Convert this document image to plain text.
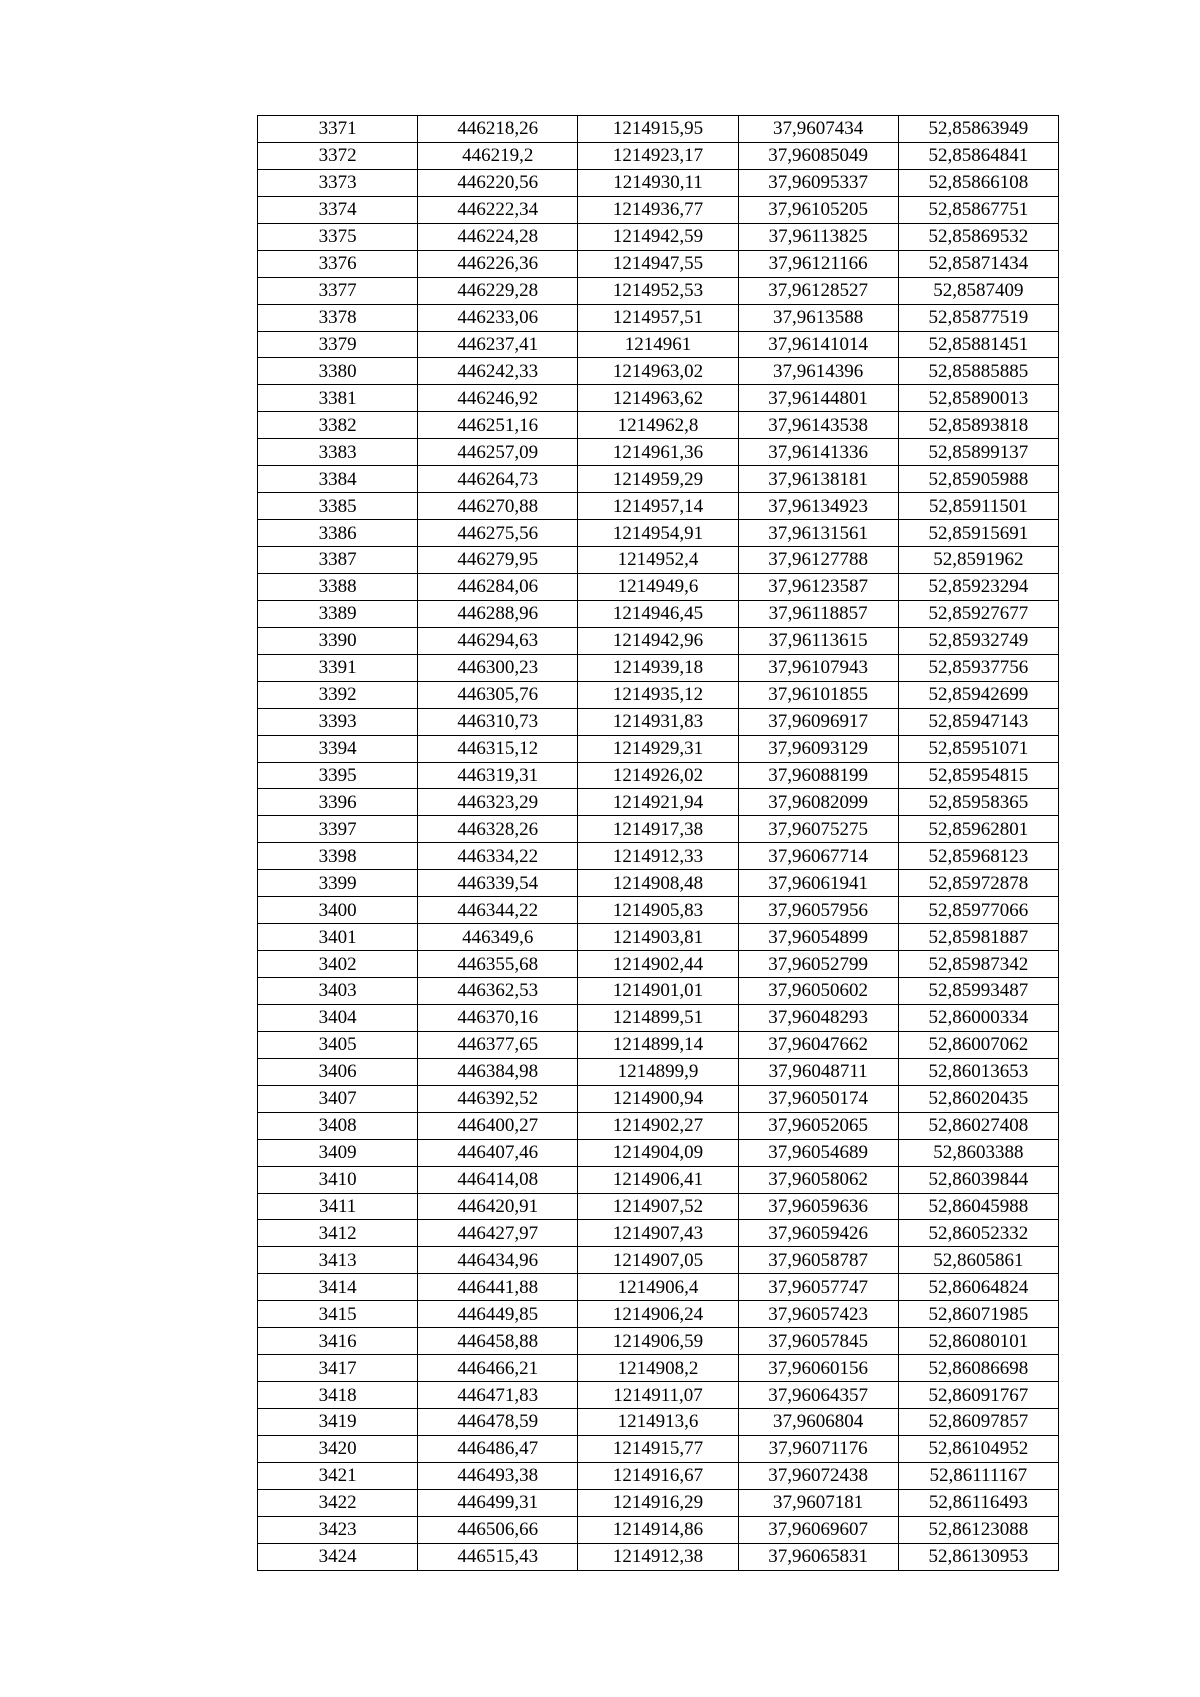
3371	446218,26	1214915,95	37,9607434	52,85863949
3372	446219,2	1214923,17	37,96085049	52,85864841
3373	446220,56	1214930,11	37,96095337	52,85866108
3374	446222,34	1214936,77	37,96105205	52,85867751
3375	446224,28	1214942,59	37,96113825	52,85869532
3376	446226,36	1214947,55	37,96121166	52,85871434
3377	446229,28	1214952,53	37,96128527	52,8587409
3378	446233,06	1214957,51	37,9613588	52,85877519
3379	446237,41	1214961	37,96141014	52,85881451
3380	446242,33	1214963,02	37,9614396	52,85885885
3381	446246,92	1214963,62	37,96144801	52,85890013
3382	446251,16	1214962,8	37,96143538	52,85893818
3383	446257,09	1214961,36	37,96141336	52,85899137
3384	446264,73	1214959,29	37,96138181	52,85905988
3385	446270,88	1214957,14	37,96134923	52,85911501
3386	446275,56	1214954,91	37,96131561	52,85915691
3387	446279,95	1214952,4	37,96127788	52,8591962
3388	446284,06	1214949,6	37,96123587	52,85923294
3389	446288,96	1214946,45	37,96118857	52,85927677
3390	446294,63	1214942,96	37,96113615	52,85932749
3391	446300,23	1214939,18	37,96107943	52,85937756
3392	446305,76	1214935,12	37,96101855	52,85942699
3393	446310,73	1214931,83	37,96096917	52,85947143
3394	446315,12	1214929,31	37,96093129	52,85951071
3395	446319,31	1214926,02	37,96088199	52,85954815
3396	446323,29	1214921,94	37,96082099	52,85958365
3397	446328,26	1214917,38	37,96075275	52,85962801
3398	446334,22	1214912,33	37,96067714	52,85968123
3399	446339,54	1214908,48	37,96061941	52,85972878
3400	446344,22	1214905,83	37,96057956	52,85977066
3401	446349,6	1214903,81	37,96054899	52,85981887
3402	446355,68	1214902,44	37,96052799	52,85987342
3403	446362,53	1214901,01	37,96050602	52,85993487
3404	446370,16	1214899,51	37,96048293	52,86000334
3405	446377,65	1214899,14	37,96047662	52,86007062
3406	446384,98	1214899,9	37,96048711	52,86013653
3407	446392,52	1214900,94	37,96050174	52,86020435
3408	446400,27	1214902,27	37,96052065	52,86027408
3409	446407,46	1214904,09	37,96054689	52,8603388
3410	446414,08	1214906,41	37,96058062	52,86039844
3411	446420,91	1214907,52	37,96059636	52,86045988
3412	446427,97	1214907,43	37,96059426	52,86052332
3413	446434,96	1214907,05	37,96058787	52,8605861
3414	446441,88	1214906,4	37,96057747	52,86064824
3415	446449,85	1214906,24	37,96057423	52,86071985
3416	446458,88	1214906,59	37,96057845	52,86080101
3417	446466,21	1214908,2	37,96060156	52,86086698
3418	446471,83	1214911,07	37,96064357	52,86091767
3419	446478,59	1214913,6	37,9606804	52,86097857
3420	446486,47	1214915,77	37,96071176	52,86104952
3421	446493,38	1214916,67	37,96072438	52,86111167
3422	446499,31	1214916,29	37,9607181	52,86116493
3423	446506,66	1214914,86	37,96069607	52,86123088
3424	446515,43	1214912,38	37,96065831	52,86130953
